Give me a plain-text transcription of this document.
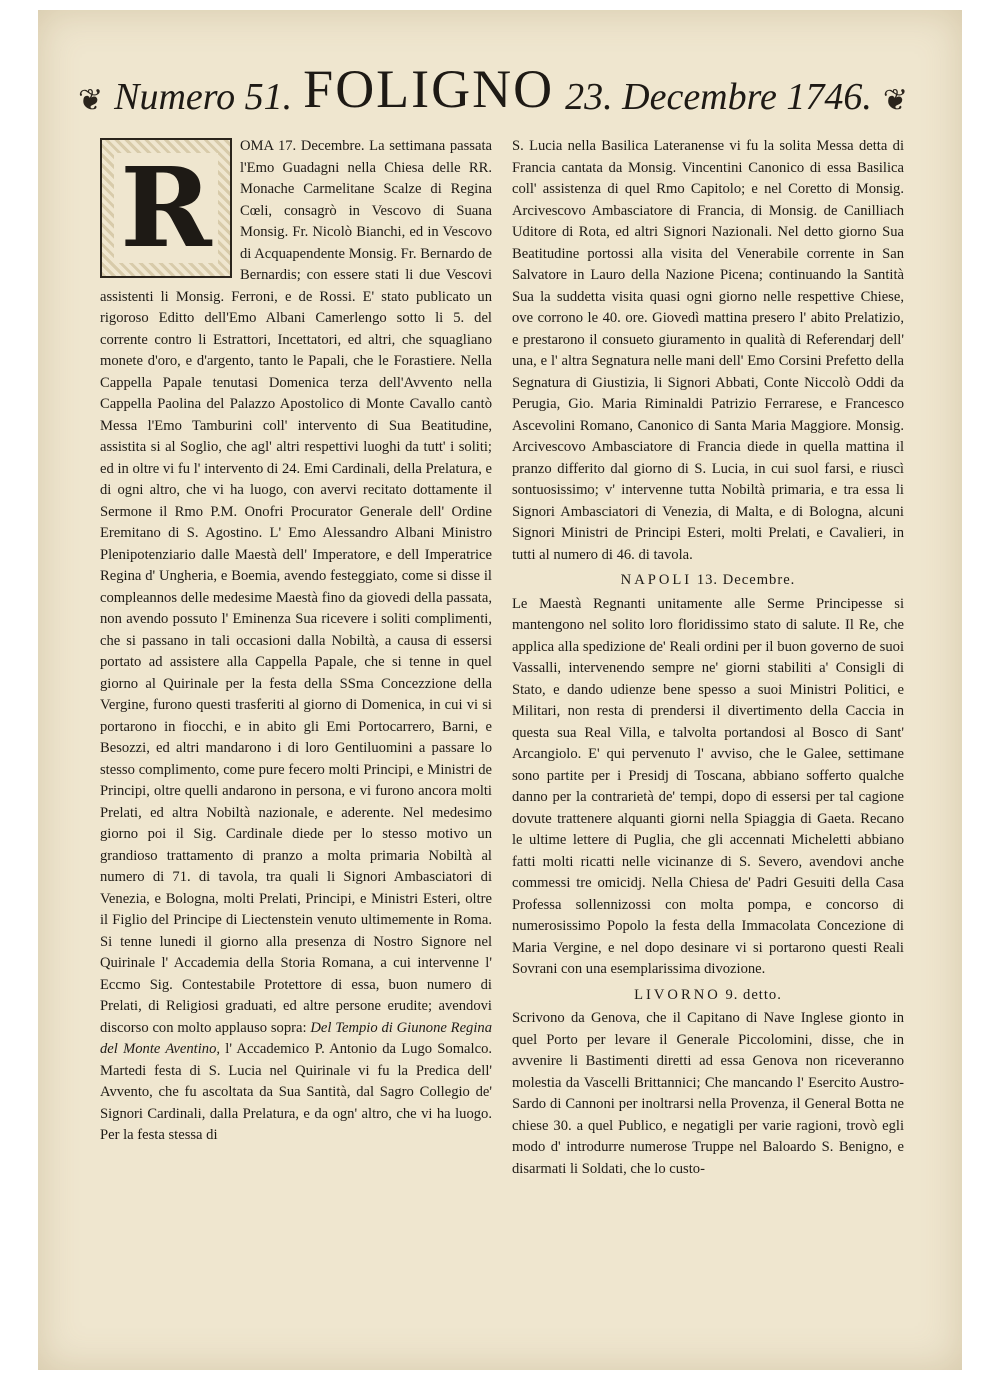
❦ Numero 51. FOLIGNO 23. Decembre 1746. ❦
R	OMA 17. Decembre. La settimana passata l'Emo Guadagni nella Chiesa delle RR. Monache Carmelitane Scalze di Regina Cœli, consagrò in Vescovo di Suana Monsig. Fr. Nicolò Bianchi, ed in Vescovo di Acquapendente Monsig. Fr. Bernardo de Bernardis; con essere stati li due Vescovi assistenti li Monsig. Ferroni, e de Rossi. E' stato publicato un rigoroso Editto dell'Emo Albani Camerlengo sotto li 5. del corrente contro li Estrattori, Incettatori, ed altri, che squagliano monete d'oro, e d'argento, tanto le Papali, che le Forastiere. Nella Cappella Papale tenutasi Domenica terza dell'Avvento nella Cappella Paolina del Palazzo Apostolico di Monte Cavallo cantò Messa l'Emo Tamburini coll' intervento di Sua Beatitudine, assistita si al Soglio, che agl' altri respettivi luoghi da tutt' i soliti; ed in oltre vi fu l' intervento di 24. Emi Cardinali, della Prelatura, e di ogni altro, che vi ha luogo, con avervi recitato dottamente il Sermone il Rmo P.M. Onofri Procurator Generale dell' Ordine Eremitano di S. Agostino. L' Emo Alessandro Albani Ministro Plenipotenziario dalle Maestà dell' Imperatore, e dell Imperatrice Regina d' Ungheria, e Boemia, avendo festeggiato, come si disse il compleannos delle medesime Maestà fino da giovedi della passata, non avendo possuto l' Eminenza Sua ricevere i soliti complimenti, che si passano in tali occasioni dalla Nobiltà, a causa di essersi portato ad assistere alla Cappella Papale, che si tenne in quel giorno al Quirinale per la festa della SSma Concezzione della Vergine, furono questi trasferiti al giorno di Domenica, in cui vi si portarono in fiocchi, e in abito gli Emi Portocarrero, Barni, e Besozzi, ed altri mandarono i di loro Gentiluomini a passare lo stesso complimento, come pure fecero molti Principi, e Ministri de Principi, oltre quelli andarono in persona, e vi furono ancora molti Prelati, ed altra Nobiltà nazionale, e aderente. Nel medesimo giorno poi il Sig. Cardinale diede per lo stesso motivo un grandioso trattamento di pranzo a molta primaria Nobiltà al numero di 71. di tavola, tra quali li Signori Ambasciatori di Venezia, e Bologna, molti Prelati, Principi, e Ministri Esteri, oltre il Figlio del Principe di Liectenstein venuto ultimemente in Roma. Si tenne lunedi il giorno alla presenza di Nostro Signore nel Quirinale l' Accademia della Storia Romana, a cui intervenne l' Eccmo Sig. Contestabile Protettore di essa, buon numero di Prelati, di Religiosi graduati, ed altre persone erudite; avendovi discorso con molto applauso sopra: Del Tempio di Giunone Regina del Monte Aventino, l' Accademico P. Antonio da Lugo Somalco. Martedi festa di S. Lucia nel Quirinale vi fu la Predica dell' Avvento, che fu ascoltata da Sua Santità, dal Sagro Collegio de' Signori Cardinali, dalla Prelatura, e da ogn' altro, che vi ha luogo. Per la festa stessa di

S. Lucia nella Basilica Lateranense vi fu la solita Messa detta di Francia cantata da Monsig. Vincentini Canonico di essa Basilica coll' assistenza di quel Rmo Capitolo; e nel Coretto di Monsig. Arcivescovo Ambasciatore di Francia, di Monsig. de Canilliach Uditore di Rota, ed altri Signori Nazionali. Nel detto giorno Sua Beatitudine portossi alla visita del Venerabile corrente in San Salvatore in Lauro della Nazione Picena; continuando la Santità Sua la suddetta visita quasi ogni giorno nelle respettive Chiese, ove corrono le 40. ore. Giovedì mattina presero l' abito Prelatizio, e prestarono il consueto giuramento in qualità di Referendarj dell' una, e l' altra Segnatura nelle mani dell' Emo Corsini Prefetto della Segnatura di Giustizia, li Signori Abbati, Conte Niccolò Oddi da Perugia, Gio. Maria Riminaldi Patrizio Ferrarese, e Francesco Ascevolini Romano, Canonico di Santa Maria Maggiore. Monsig. Arcivescovo Ambasciatore di Francia diede in quella mattina il pranzo differito dal giorno di S. Lucia, in cui suol farsi, e riuscì sontuosissimo; v' intervenne tutta Nobiltà primaria, e tra essa li Signori Ambasciatori di Venezia, di Malta, e di Bologna, alcuni Signori Ministri de Principi Esteri, molti Prelati, e Cavalieri, in tutti al numero di 46. di tavola.

NAPOLI 13. Decembre.

Le Maestà Regnanti unitamente alle Serme Principesse si mantengono nel solito loro floridissimo stato di salute. Il Re, che applica alla spedizione de' Reali ordini per il buon governo de suoi Vassalli, intervenendo sempre ne' giorni stabiliti a' Consigli di Stato, e dando udienze bene spesso a suoi Ministri Politici, e Militari, non resta di prendersi il divertimento della Caccia in questa sua Real Villa, e talvolta portandosi al Bosco di Sant' Arcangiolo. E' qui pervenuto l' avviso, che le Galee, settimane sono partite per i Presidj di Toscana, abbiano sofferto qualche danno per la contrarietà de' tempi, dopo di essersi per tal cagione dovute trattenere alquanti giorni nella Spiaggia di Gaeta. Recano le ultime lettere di Puglia, che gli accennati Micheletti abbiano fatti molti ricatti nelle vicinanze di S. Severo, avendovi anche commessi tre omicidj. Nella Chiesa de' Padri Gesuiti della Casa Professa sollennizossi con molta pompa, e concorso di numerosissimo Popolo la festa della Immacolata Concezione di Maria Vergine, e nel dopo desinare vi si portarono questi Reali Sovrani con una esemplarissima divozione.

LIVORNO 9. detto.

Scrivono da Genova, che il Capitano di Nave Inglese gionto in quel Porto per levare il Generale Piccolomini, disse, che in avvenire li Bastimenti diretti ad essa Genova non riceveranno molestia da Vascelli Brittannici; Che mancando l' Esercito Austro-Sardo di Cannoni per inoltrarsi nella Provenza, il General Botta ne chiese 30. a quel Publico, e negatigli per varie ragioni, trovò egli modo d' introdurre numerose Truppe nel Baloardo S. Benigno, e disarmati li Soldati, che lo custo-
